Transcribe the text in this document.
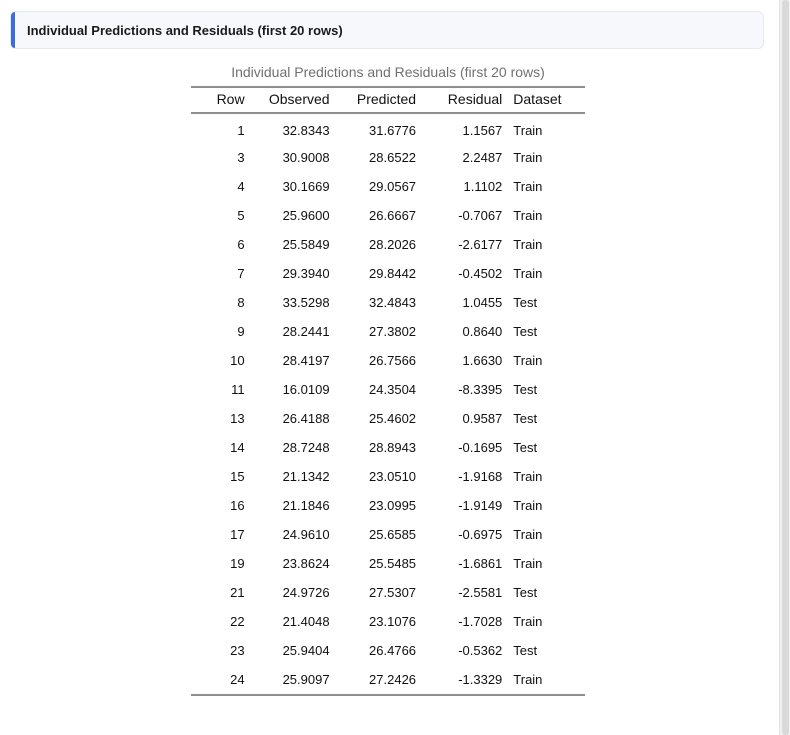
Individual Predictions and Residuals (first 20 rows)
Individual Predictions and Residuals (first 20 rows)
Row	Observed	Predicted	Residual	Dataset
1	32.8343	31.6776	1.1567	Train
3	30.9008	28.6522	2.2487	Train
4	30.1669	29.0567	1.1102	Train
5	25.9600	26.6667	-0.7067	Train
6	25.5849	28.2026	-2.6177	Train
7	29.3940	29.8442	-0.4502	Train
8	33.5298	32.4843	1.0455	Test
9	28.2441	27.3802	0.8640	Test
10	28.4197	26.7566	1.6630	Train
11	16.0109	24.3504	-8.3395	Test
13	26.4188	25.4602	0.9587	Test
14	28.7248	28.8943	-0.1695	Test
15	21.1342	23.0510	-1.9168	Train
16	21.1846	23.0995	-1.9149	Train
17	24.9610	25.6585	-0.6975	Train
19	23.8624	25.5485	-1.6861	Train
21	24.9726	27.5307	-2.5581	Test
22	21.4048	23.1076	-1.7028	Train
23	25.9404	26.4766	-0.5362	Test
24	25.9097	27.2426	-1.3329	Train
